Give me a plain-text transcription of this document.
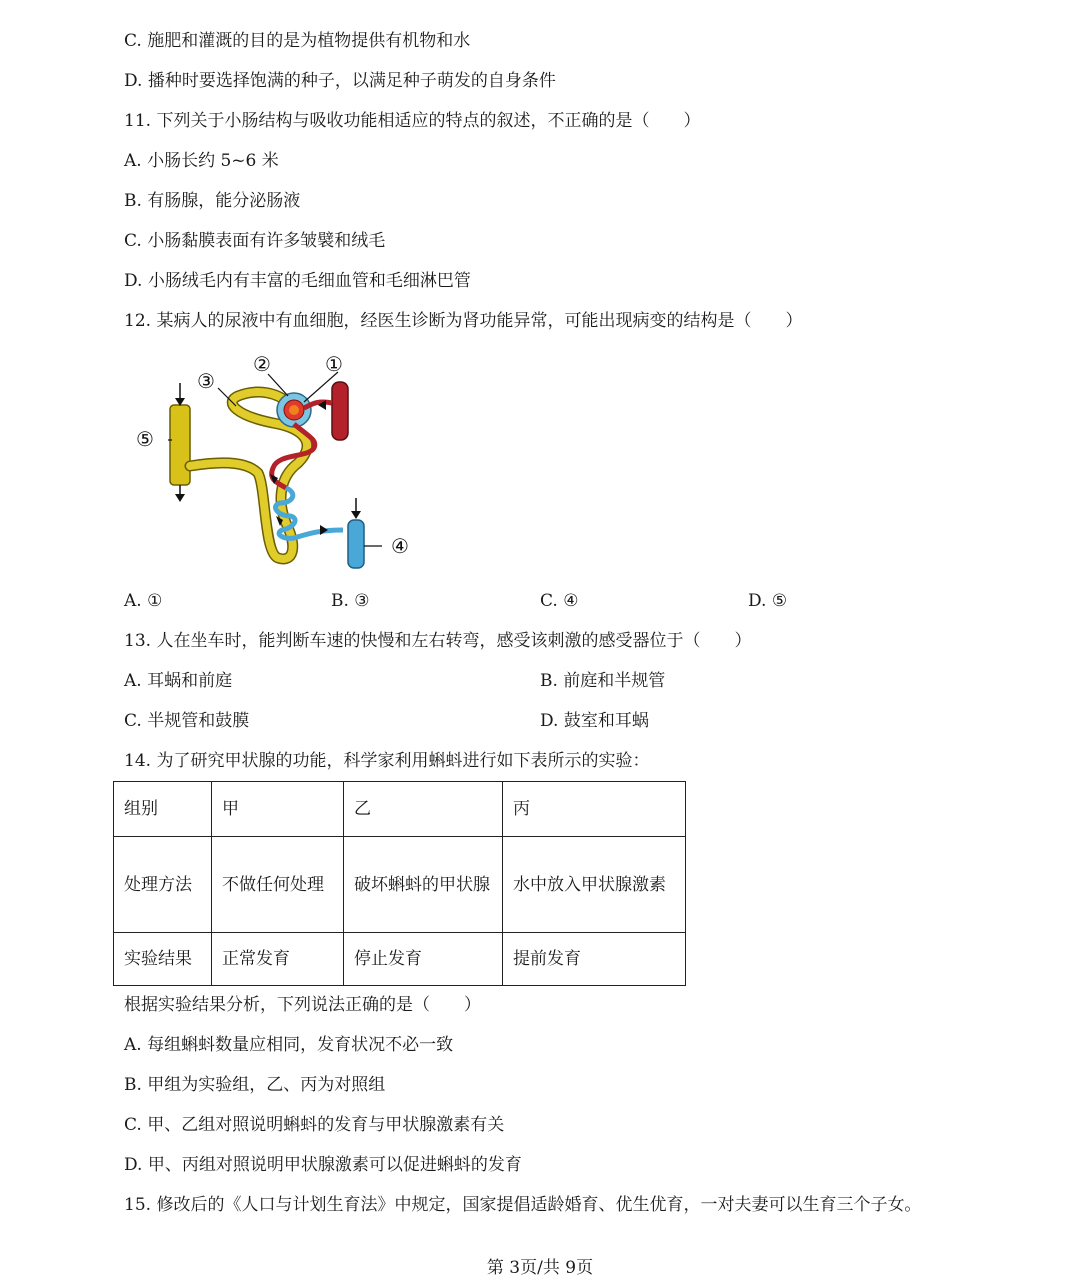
C. 施肥和灌溉的目的是为植物提供有机物和水
D. 播种时要选择饱满的种子，以满足种子萌发的自身条件
11. 下列关于小肠结构与吸收功能相适应的特点的叙述，不正确的是（　　）
A. 小肠长约 5~6 米
B. 有肠腺，能分泌肠液
C. 小肠黏膜表面有许多皱襞和绒毛
D. 小肠绒毛内有丰富的毛细血管和毛细淋巴管
12. 某病人的尿液中有血细胞，经医生诊断为肾功能异常，可能出现病变的结构是（　　）
①
②
③
④
⑤
A. ①	B. ③	C. ④	D. ⑤
13. 人在坐车时，能判断车速的快慢和左右转弯，感受该刺激的感受器位于（　　）
A. 耳蜗和前庭	B. 前庭和半规管
C. 半规管和鼓膜	D. 鼓室和耳蜗
14. 为了研究甲状腺的功能，科学家利用蝌蚪进行如下表所示的实验：
组别	甲	乙	丙
处理方法	不做任何处理	破坏蝌蚪的甲状腺	水中放入甲状腺激素
实验结果	正常发育	停止发育	提前发育
根据实验结果分析，下列说法正确的是（　　）
A. 每组蝌蚪数量应相同，发育状况不必一致
B. 甲组为实验组，乙、丙为对照组
C. 甲、乙组对照说明蝌蚪的发育与甲状腺激素有关
D. 甲、丙组对照说明甲状腺激素可以促进蝌蚪的发育
15. 修改后的《人口与计划生育法》中规定，国家提倡适龄婚育、优生优育，一对夫妻可以生育三个子女。
第 3页/共 9页
